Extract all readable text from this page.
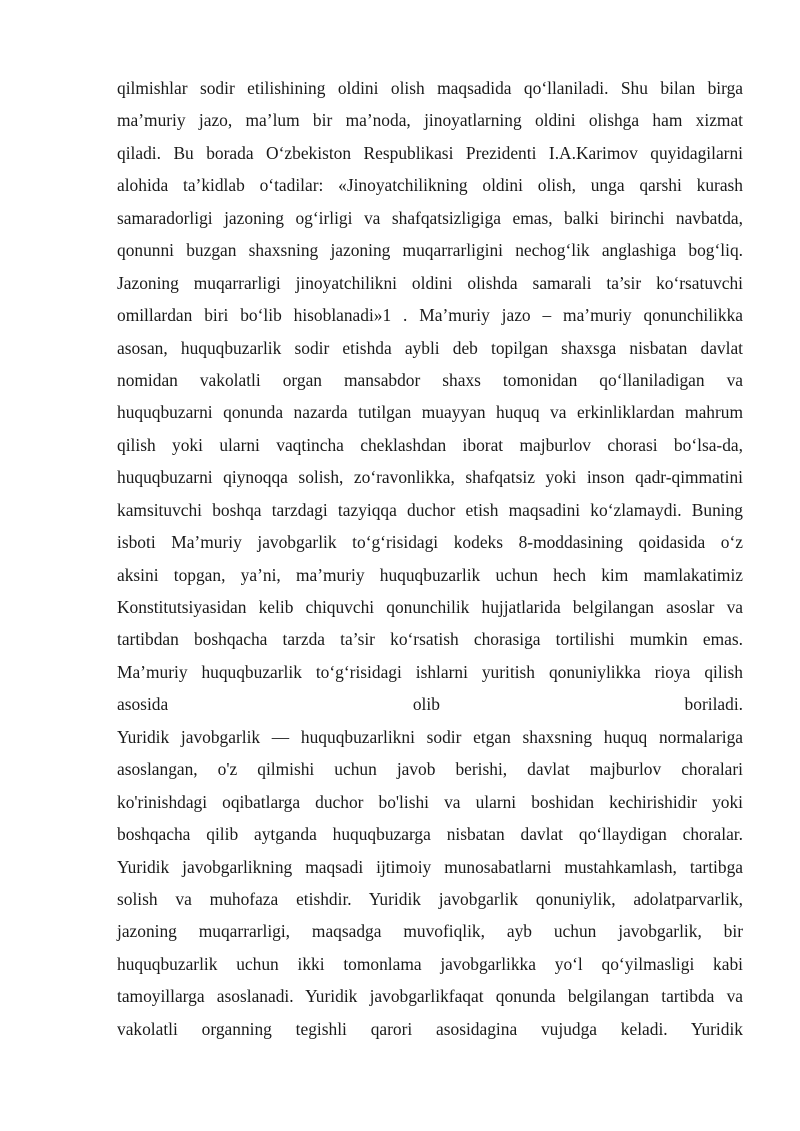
qilmishlar sodir etilishining oldini olish maqsadida qo‘llaniladi. Shu bilan birga
ma’muriy jazo, ma’lum bir ma’noda, jinoyatlarning oldini olishga ham xizmat
qiladi. Bu borada O‘zbekiston Respublikasi Prezidenti I.A.Karimov quyidagilarni
alohida ta’kidlab o‘tadilar: «Jinoyatchilikning oldini olish, unga qarshi kurash
samaradorligi jazoning og‘irligi va shafqatsizligiga emas, balki birinchi navbatda,
qonunni buzgan shaxsning jazoning muqarrarligini nechog‘lik anglashiga bog‘liq.
Jazoning muqarrarligi jinoyatchilikni oldini olishda samarali ta’sir ko‘rsatuvchi
omillardan biri bo‘lib hisoblanadi»1 . Ma’muriy jazo – ma’muriy qonunchilikka
asosan, huquqbuzarlik sodir etishda aybli deb topilgan shaxsga nisbatan davlat
nomidan vakolatli organ mansabdor shaxs tomonidan qo‘llaniladigan va
huquqbuzarni qonunda nazarda tutilgan muayyan huquq va erkinliklardan mahrum
qilish yoki ularni vaqtincha cheklashdan iborat majburlov chorasi bo‘lsa-da,
huquqbuzarni qiynoqqa solish, zo‘ravonlikka, shafqatsiz yoki inson qadr-qimmatini
kamsituvchi boshqa tarzdagi tazyiqqa duchor etish maqsadini ko‘zlamaydi. Buning
isboti Ma’muriy javobgarlik to‘g‘risidagi kodeks 8-moddasining qoidasida o‘z
aksini topgan, ya’ni, ma’muriy huquqbuzarlik uchun hech kim mamlakatimiz
Konstitutsiyasidan kelib chiquvchi qonunchilik hujjatlarida belgilangan asoslar va
tartibdan boshqacha tarzda ta’sir ko‘rsatish chorasiga tortilishi mumkin emas.
Ma’muriy huquqbuzarlik to‘g‘risidagi ishlarni yuritish qonuniylikka rioya qilish
asosida olib boriladi.
Yuridik javobgarlik — huquqbuzarlikni sodir etgan shaxsning huquq normalariga
asoslangan, o'z qilmishi uchun javob berishi, davlat majburlov choralari
ko'rinishdagi oqibatlarga duchor bo'lishi va ularni boshidan kechirishidir yoki
boshqacha qilib aytganda huquqbuzarga nisbatan davlat qo‘llaydigan choralar.
Yuridik javobgarlikning maqsadi ijtimoiy munosabatlarni mustahkamlash, tartibga
solish va muhofaza etishdir. Yuridik javobgarlik qonuniylik, adolatparvarlik,
jazoning muqarrarligi, maqsadga muvofiqlik, ayb uchun javobgarlik, bir
huquqbuzarlik uchun ikki tomonlama javobgarlikka yo‘l qo‘yilmasligi kabi
tamoyillarga asoslanadi. Yuridik javobgarlikfaqat qonunda belgilangan tartibda va
vakolatli organning tegishli qarori asosidagina vujudga keladi. Yuridik
